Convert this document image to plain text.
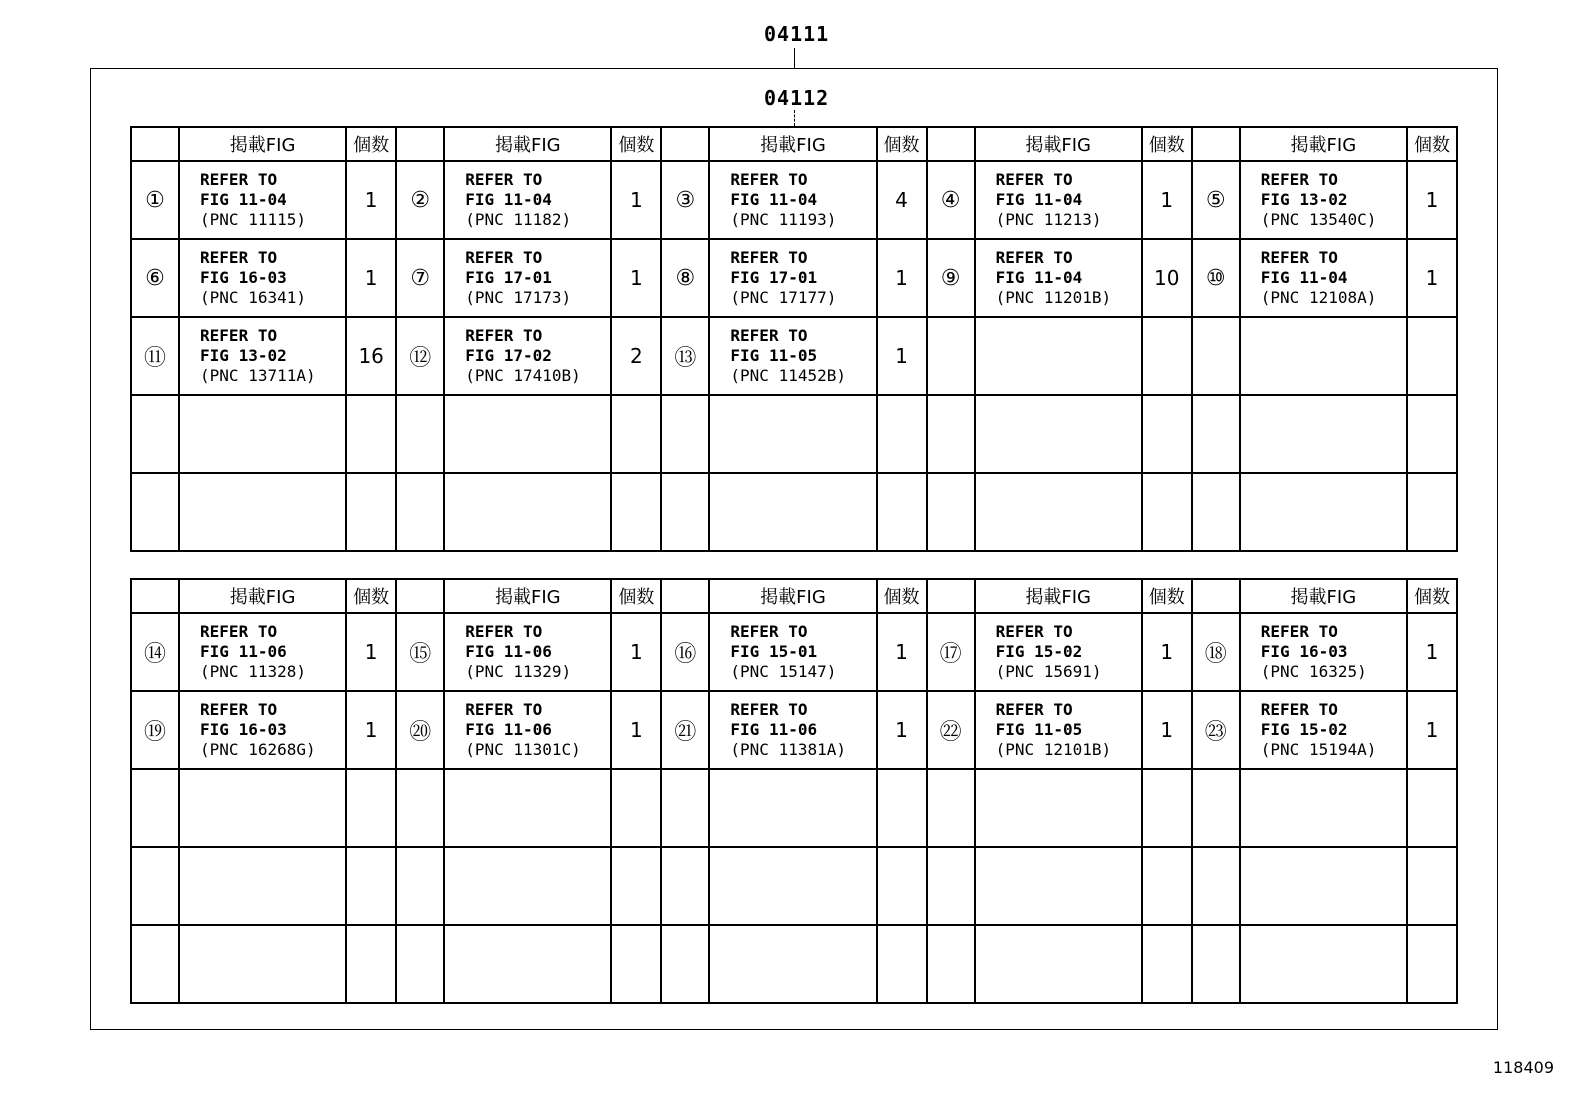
04111
04112
	掲載FIG	個数		掲載FIG	個数		掲載FIG	個数		掲載FIG	個数		掲載FIG	個数
①	REFER TO
FIG 11-04
(PNC 11115)	1	②	REFER TO
FIG 11-04
(PNC 11182)	1	③	REFER TO
FIG 11-04
(PNC 11193)	4	④	REFER TO
FIG 11-04
(PNC 11213)	1	⑤	REFER TO
FIG 13-02
(PNC 13540C)	1
⑥	REFER TO
FIG 16-03
(PNC 16341)	1	⑦	REFER TO
FIG 17-01
(PNC 17173)	1	⑧	REFER TO
FIG 17-01
(PNC 17177)	1	⑨	REFER TO
FIG 11-04
(PNC 11201B)	10	⑩	REFER TO
FIG 11-04
(PNC 12108A)	1
⑪	REFER TO
FIG 13-02
(PNC 13711A)	16	⑫	REFER TO
FIG 17-02
(PNC 17410B)	2	⑬	REFER TO
FIG 11-05
(PNC 11452B)	1		

	掲載FIG	個数		掲載FIG	個数		掲載FIG	個数		掲載FIG	個数		掲載FIG	個数
⑭	REFER TO
FIG 11-06
(PNC 11328)	1	⑮	REFER TO
FIG 11-06
(PNC 11329)	1	⑯	REFER TO
FIG 15-01
(PNC 15147)	1	⑰	REFER TO
FIG 15-02
(PNC 15691)	1	⑱	REFER TO
FIG 16-03
(PNC 16325)	1
⑲	REFER TO
FIG 16-03
(PNC 16268G)	1	⑳	REFER TO
FIG 11-06
(PNC 11301C)	1	㉑	REFER TO
FIG 11-06
(PNC 11381A)	1	㉒	REFER TO
FIG 11-05
(PNC 12101B)	1	㉓	REFER TO
FIG 15-02
(PNC 15194A)	1

118409
